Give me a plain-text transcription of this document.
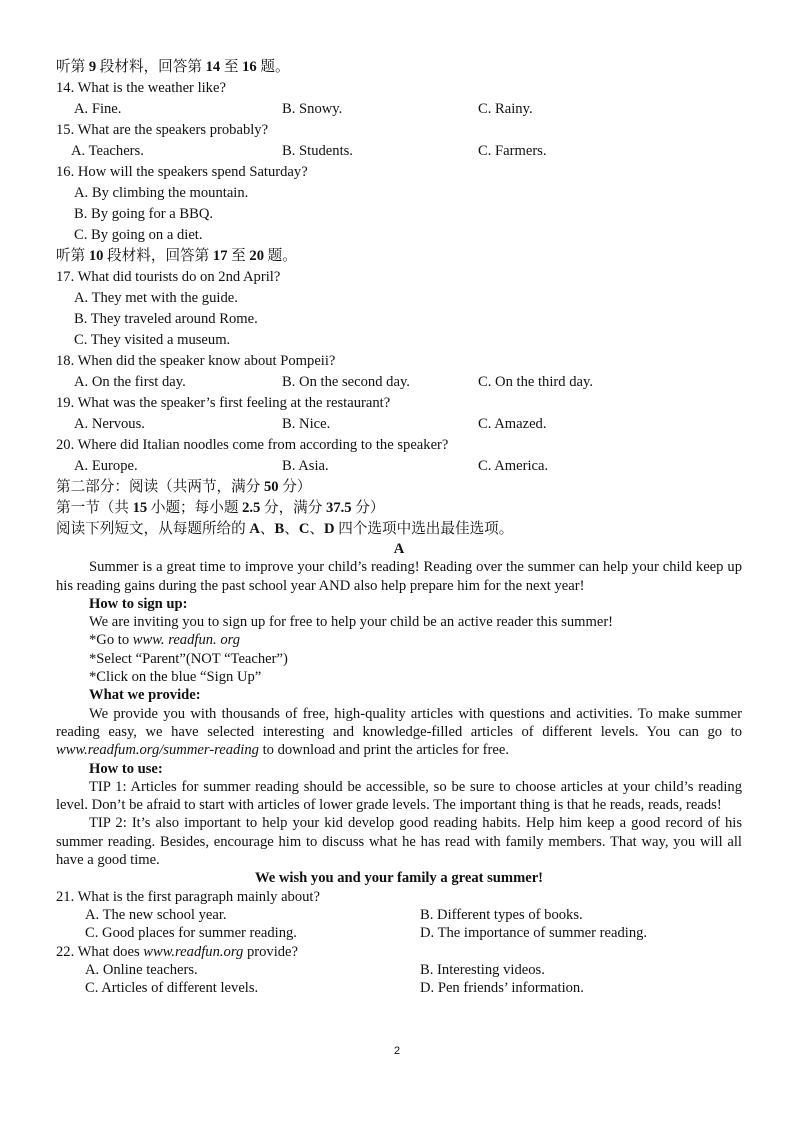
听第 9 段材料，回答第 14 至 16 题。
14. What is the weather like?
A. Fine.	B. Snowy.	C. Rainy.
15. What are the speakers probably?
A. Teachers.	B. Students.	C. Farmers.
16. How will the speakers spend Saturday?
A. By climbing the mountain.
B. By going for a BBQ.
C. By going on a diet.
听第 10 段材料，回答第 17 至 20 题。
17. What did tourists do on 2nd April?
A. They met with the guide.
B. They traveled around Rome.
C. They visited a museum.
18. When did the speaker know about Pompeii?
A. On the first day.	B. On the second day.	C. On the third day.
19. What was the speaker’s first feeling at the restaurant?
A. Nervous.	B. Nice.	C. Amazed.
20. Where did Italian noodles come from according to the speaker?
A. Europe.	B. Asia.	C. America.
第二部分：阅读（共两节，满分 50 分）
第一节（共 15 小题；每小题 2.5 分，满分 37.5 分）
阅读下列短文，从每题所给的 A、B、C、D 四个选项中选出最佳选项。
A

Summer is a great time to improve your child’s reading! Reading over the summer can help your child keep up his reading gains during the past school year AND also help prepare him for the next year!

How to sign up:
We are inviting you to sign up for free to help your child be an active reader this summer!
*Go to www. readfun. org
*Select “Parent”(NOT “Teacher”)
*Click on the blue “Sign Up”
What we provide:

We provide you with thousands of free, high-quality articles with questions and activities. To make summer reading easy, we have selected interesting and knowledge-filled articles of different levels. You can go to www.readfum.org/summer-reading to download and print the articles for free.

How to use:

TIP 1: Articles for summer reading should be accessible, so be sure to choose articles at your child’s reading level. Don’t be afraid to start with articles of lower grade levels. The important thing is that he reads, reads, reads!

TIP 2: It’s also important to help your kid develop good reading habits. Help him keep a good record of his summer reading. Besides, encourage him to discuss what he has read with family members. That way, you will all have a good time.

We wish you and your family a great summer!
21. What is the first paragraph mainly about?
A. The new school year.	B. Different types of books.
C. Good places for summer reading.	D. The importance of summer reading.
22. What does www.readfun.org provide?
A. Online teachers.	B. Interesting videos.
C. Articles of different levels.	D. Pen friends’ information.
2
